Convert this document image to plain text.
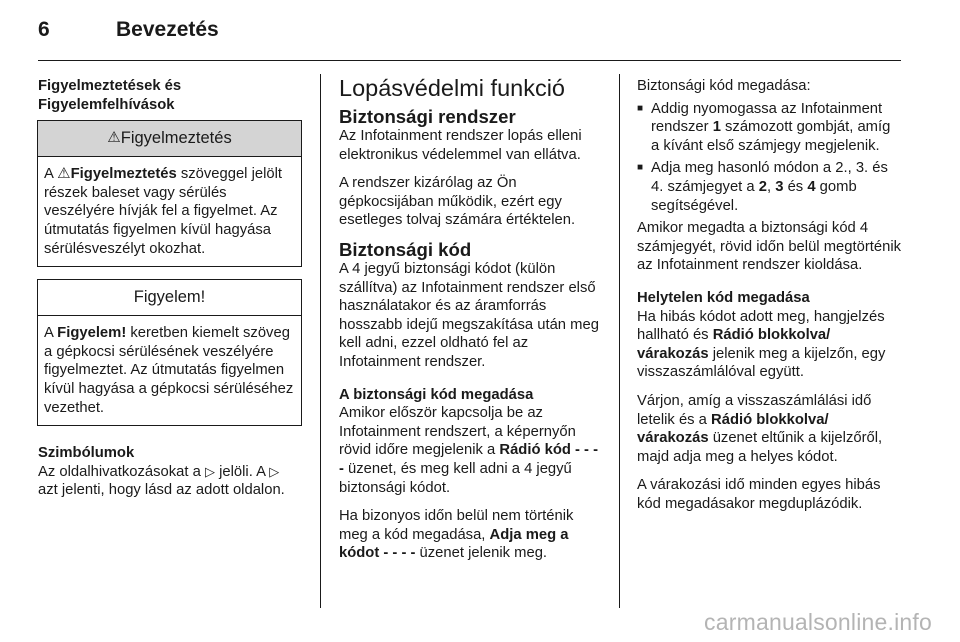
6	Bevezetés
Figyelmeztetések és
Figyelemfelhívások
⚠ Figyelmeztetés
A ⚠Figyelmeztetés szöveggel jelölt részek baleset vagy sérülés veszélyére hívják fel a figyelmet. Az útmutatás figyelmen kívül hagyása sérülésveszélyt okozhat.
Figyelem!
A Figyelem! keretben kiemelt szöveg a gépkocsi sérülésének veszélyére figyelmeztet. Az útmutatás figyelmen kívül hagyása a gépkocsi sérüléséhez vezethet.
Szimbólumok

Az oldalhivatkozásokat a ▷ jelöli. A ▷ azt jelenti, hogy lásd az adott oldalon.

Lopásvédelmi funkció
Biztonsági rendszer

Az Infotainment rendszer lopás elleni elektronikus védelemmel van ellátva.

A rendszer kizárólag az Ön gépkocsijában működik, ezért egy esetleges tolvaj számára értéktelen.

Biztonsági kód

A 4 jegyű biztonsági kódot (külön szállítva) az Infotainment rendszer első használatakor és az áramforrás hosszabb idejű megszakítása után meg kell adni, ezzel oldható fel az Infotainment rendszer.

A biztonsági kód megadása

Amikor először kapcsolja be az Infotainment rendszert, a képernyőn rövid időre megjelenik a Rádió kód - - - - üzenet, és meg kell adni a 4 jegyű biztonsági kódot.

Ha bizonyos időn belül nem történik meg a kód megadása, Adja meg a kódot - - - - üzenet jelenik meg.

Biztonsági kód megadása:
■ Addig nyomogassa az Infotainment rendszer 1 számozott gombját, amíg a kívánt első számjegy megjelenik.
■ Adja meg hasonló módon a 2., 3. és 4. számjegyet a 2, 3 és 4 gomb segítségével.

Amikor megadta a biztonsági kód 4 számjegyét, rövid időn belül megtörténik az Infotainment rendszer kioldása.

Helytelen kód megadása

Ha hibás kódot adott meg, hangjelzés hallható és Rádió blokkolva/ várakozás jelenik meg a kijelzőn, egy visszaszámlálóval együtt.

Várjon, amíg a visszaszámlálási idő letelik és a Rádió blokkolva/ várakozás üzenet eltűnik a kijelzőről, majd adja meg a helyes kódot.

A várakozási idő minden egyes hibás kód megadásakor megduplázódik.

carmanualsonline.info
